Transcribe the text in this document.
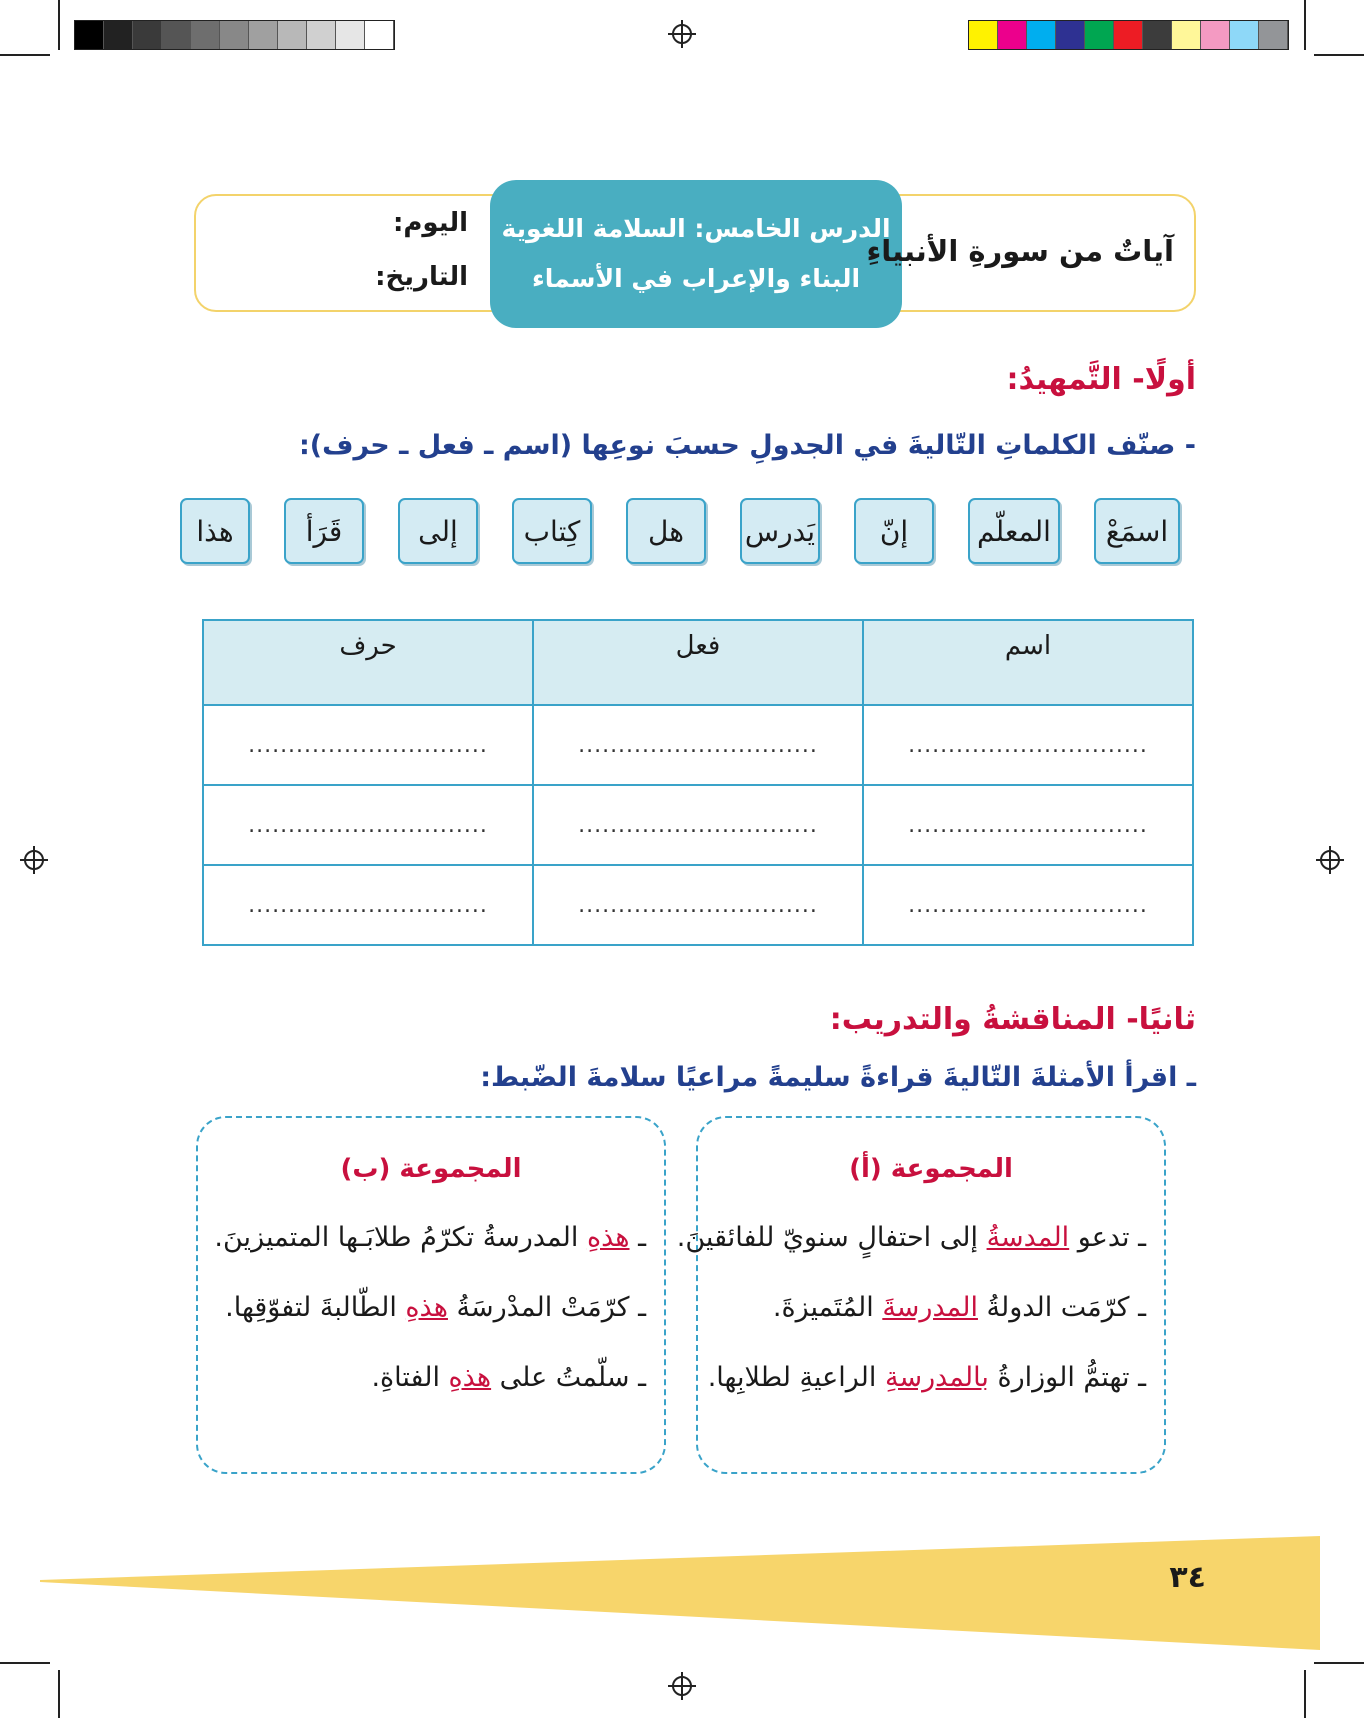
الدرس الخامس: السلامة اللغوية
البناء والإعراب في الأسماء
آياتٌ من سورةِ الأنبياءِ
اليوم:
التاريخ:
أولًا- التَّمهيدُ:
- صنّف الكلماتِ التّاليةَ في الجدولِ حسبَ نوعِها (اسم ـ فعل ـ حرف):
اسمَعْ
المعلّم
إنّ
يَدرس
هل
كِتاب
إلى
قَرَأ
هذا
اسم	فعل	حرف
..............................	..............................	..............................
..............................	..............................	..............................
..............................	..............................	..............................
ثانيًا- المناقشةُ والتدريب:
ـ اقرأ الأمثلةَ التّاليةَ قراءةً سليمةً مراعيًا سلامةَ الضّبط:
المجموعة (أ)
ـ تدعو المدسةُ إلى احتفالٍ سنويّ للفائقينَ.
ـ كرّمَت الدولةُ المدرسةَ المُتَميزةَ.
ـ تهتمُّ الوزارةُ بالمدرسةِ الراعيةِ لطلابِها.
المجموعة (ب)
ـ هذهِ المدرسةُ تكرّمُ طلابَـها المتميزينَ.
ـ كرّمَتْ المدْرسَةُ هذهِ الطّالبةَ لتفوّقِها.
ـ سلّمتُ على هذهِ الفتاةِ.
٣٤
